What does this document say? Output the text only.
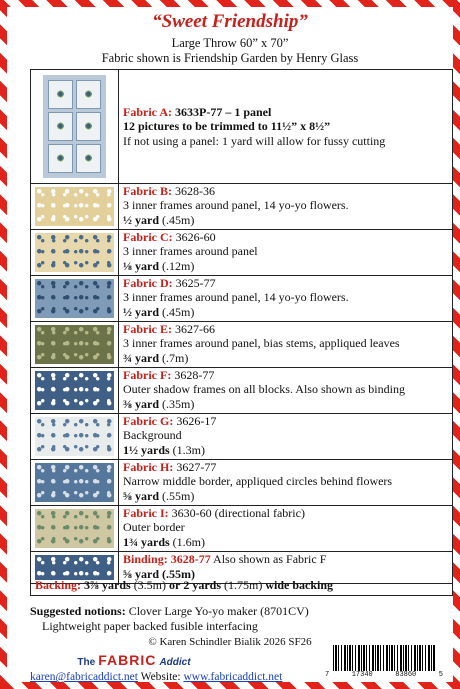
“Sweet Friendship”
Large Throw 60” x 70”
Fabric shown is Friendship Garden by Henry Glass
Fabric A: 3633P-77 – 1 panel
12 pictures to be trimmed to 11½” x 8½”
If not using a panel: 1 yard will allow for fussy cutting
Fabric B: 3628-36
3 inner frames around panel, 14 yo-yo flowers.
½ yard (.45m)
Fabric C: 3626-60
3 inner frames around panel
⅛ yard (.12m)
Fabric D: 3625-77
3 inner frames around panel, 14 yo-yo flowers.
½ yard (.45m)
Fabric E: 3627-66
3 inner frames around panel, bias stems, appliqued leaves
¾ yard (.7m)
Fabric F: 3628-77
Outer shadow frames on all blocks. Also shown as binding
⅜ yard (.35m)
Fabric G: 3626-17
Background
1½ yards (1.3m)
Fabric H: 3627-77
Narrow middle border, appliqued circles behind flowers
⅝ yard (.55m)
Fabric I: 3630-60 (directional fabric)
Outer border
1¾ yards (1.6m)
Binding: 3628-77 Also shown as Fabric F
⅝ yard (.55m)
Backing: 3⅞ yards (3.5m) or 2 yards (1.75m) wide backing
Suggested notions: Clover Large Yo-yo maker (8701CV)
Lightweight paper backed fusible interfacing
© Karen Schindler Bialik 2026 SF26
The FABRIC Addict
karen@fabricaddict.net Website: www.fabricaddict.net	7	17340	83860	5
